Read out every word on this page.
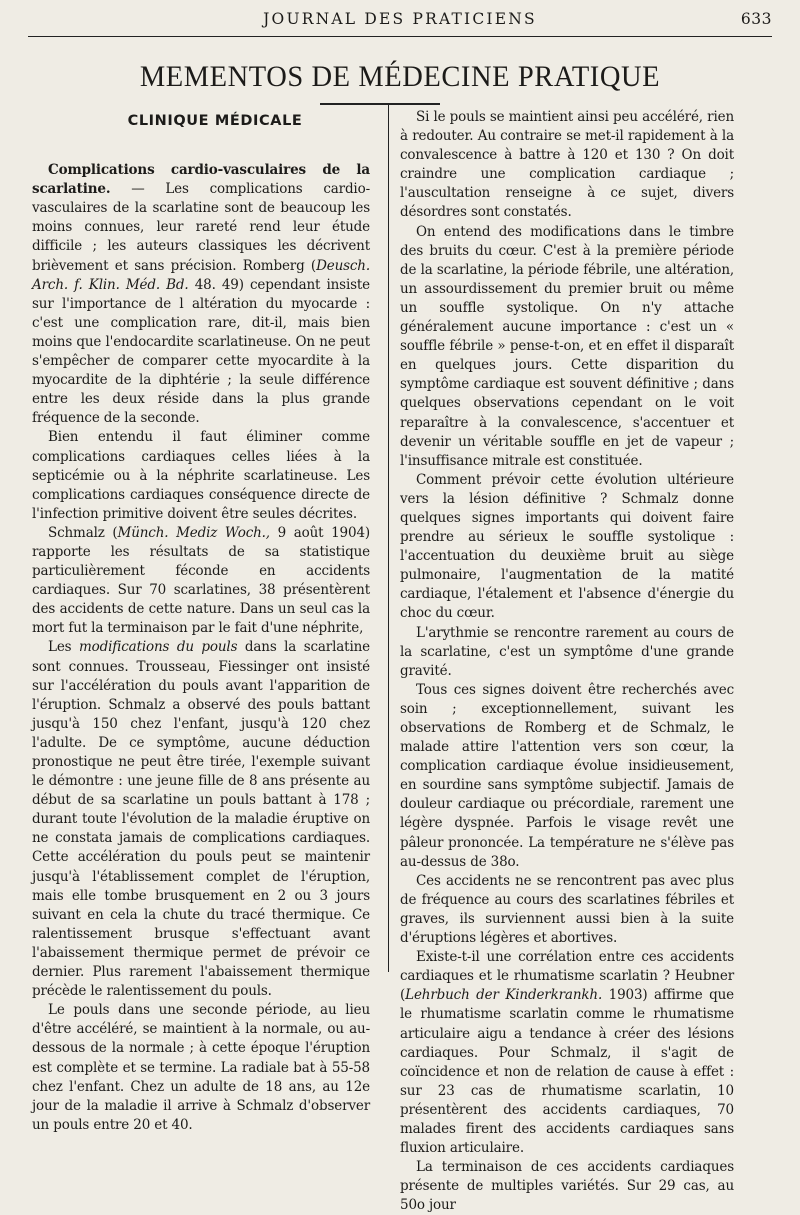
JOURNAL DES PRATICIENS	633
MEMENTOS DE MÉDECINE PRATIQUE
CLINIQUE MÉDICALE

Complications cardio-vasculaires de la scarlatine. — Les complications cardio-vasculaires de la scarlatine sont de beaucoup les moins connues, leur rareté rend leur étude difficile ; les auteurs classiques les décrivent brièvement et sans précision. Romberg (Deusch. Arch. f. Klin. Méd. Bd. 48. 49) cependant insiste sur l'importance de l altération du myocarde : c'est une complication rare, dit-il, mais bien moins que l'endocardite scarlatineuse. On ne peut s'empêcher de comparer cette myocardite à la myocardite de la diphtérie ; la seule différence entre les deux réside dans la plus grande fréquence de la seconde.

Bien entendu il faut éliminer comme complications cardiaques celles liées à la septicémie ou à la néphrite scarlatineuse. Les complications cardiaques conséquence directe de l'infection primitive doivent être seules décrites.

Schmalz (Münch. Mediz Woch., 9 août 1904) rapporte les résultats de sa statistique particulièrement féconde en accidents cardiaques. Sur 70 scarlatines, 38 présentèrent des accidents de cette nature. Dans un seul cas la mort fut la terminaison par le fait d'une néphrite,

Les modifications du pouls dans la scarlatine sont connues. Trousseau, Fiessinger ont insisté sur l'accélération du pouls avant l'apparition de l'éruption. Schmalz a observé des pouls battant jusqu'à 150 chez l'enfant, jusqu'à 120 chez l'adulte. De ce symptôme, aucune déduction pronostique ne peut être tirée, l'exemple suivant le démontre : une jeune fille de 8 ans présente au début de sa scarlatine un pouls battant à 178 ; durant toute l'évolution de la maladie éruptive on ne constata jamais de complications cardiaques. Cette accélération du pouls peut se maintenir jusqu'à l'établissement complet de l'éruption, mais elle tombe brusquement en 2 ou 3 jours suivant en cela la chute du tracé thermique. Ce ralentissement brusque s'effectuant avant l'abaissement thermique permet de prévoir ce dernier. Plus rarement l'abaissement thermique précède le ralentissement du pouls.

Le pouls dans une seconde période, au lieu d'être accéléré, se maintient à la normale, ou au-dessous de la normale ; à cette époque l'éruption est complète et se termine. La radiale bat à 55-58 chez l'enfant. Chez un adulte de 18 ans, au 12e jour de la maladie il arrive à Schmalz d'observer un pouls entre 20 et 40.

Si le pouls se maintient ainsi peu accéléré, rien à redouter. Au contraire se met-il rapidement à la convalescence à battre à 120 et 130 ? On doit craindre une complication cardiaque ; l'auscultation renseigne à ce sujet, divers désordres sont constatés.

On entend des modifications dans le timbre des bruits du cœur. C'est à la première période de la scarlatine, la période fébrile, une altération, un assourdissement du premier bruit ou même un souffle systolique. On n'y attache généralement aucune importance : c'est un « souffle fébrile » pense-t-on, et en effet il disparaît en quelques jours. Cette disparition du symptôme cardiaque est souvent définitive ; dans quelques observations cependant on le voit reparaître à la convalescence, s'accentuer et devenir un véritable souffle en jet de vapeur ; l'insuffisance mitrale est constituée.

Comment prévoir cette évolution ultérieure vers la lésion définitive ? Schmalz donne quelques signes importants qui doivent faire prendre au sérieux le souffle systolique : l'accentuation du deuxième bruit au siège pulmonaire, l'augmentation de la matité cardiaque, l'étalement et l'absence d'énergie du choc du cœur.

L'arythmie se rencontre rarement au cours de la scarlatine, c'est un symptôme d'une grande gravité.

Tous ces signes doivent être recherchés avec soin ; exceptionnellement, suivant les observations de Romberg et de Schmalz, le malade attire l'attention vers son cœur, la complication cardiaque évolue insidieusement, en sourdine sans symptôme subjectif. Jamais de douleur cardiaque ou précordiale, rarement une légère dyspnée. Parfois le visage revêt une pâleur prononcée. La température ne s'élève pas au-dessus de 38o.

Ces accidents ne se rencontrent pas avec plus de fréquence au cours des scarlatines fébriles et graves, ils surviennent aussi bien à la suite d'éruptions légères et abortives.

Existe-t-il une corrélation entre ces accidents cardiaques et le rhumatisme scarlatin ? Heubner (Lehrbuch der Kinderkrankh. 1903) affirme que le rhumatisme scarlatin comme le rhumatisme articulaire aigu a tendance à créer des lésions cardiaques. Pour Schmalz, il s'agit de coïncidence et non de relation de cause à effet : sur 23 cas de rhumatisme scarlatin, 10 présentèrent des accidents cardiaques, 70 malades firent des accidents cardiaques sans fluxion articulaire.

La terminaison de ces accidents cardiaques présente de multiples variétés. Sur 29 cas, au 50o jour
